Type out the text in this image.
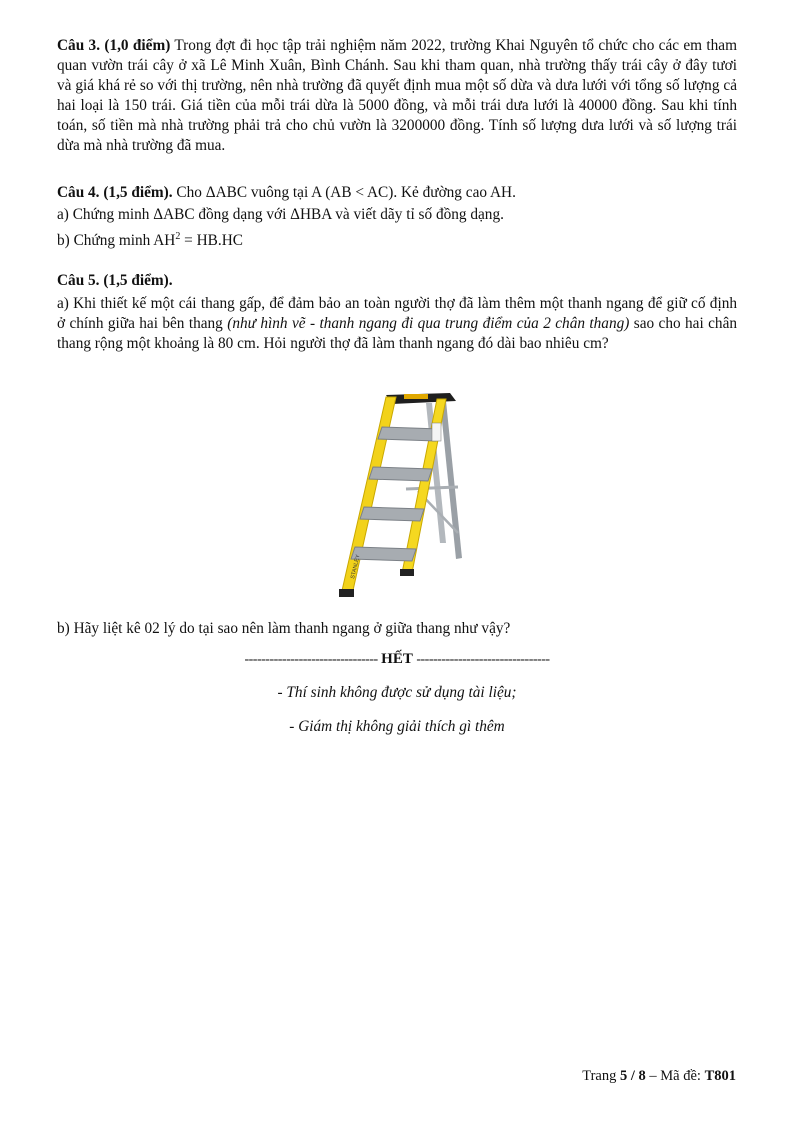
Câu 3. (1,0 điểm) Trong đợt đi học tập trải nghiệm năm 2022, trường Khai Nguyên tổ chức cho các em tham quan vườn trái cây ở xã Lê Minh Xuân, Bình Chánh. Sau khi tham quan, nhà trường thấy trái cây ở đây tươi và giá khá rẻ so với thị trường, nên nhà trường đã quyết định mua một số dừa và dưa lưới với tổng số lượng cả hai loại là 150 trái. Giá tiền của mỗi trái dừa là 5000 đồng, và mỗi trái dưa lưới là 40000 đồng. Sau khi tính toán, số tiền mà nhà trường phải trả cho chủ vườn là 3200000 đồng. Tính số lượng dưa lưới và số lượng trái dừa mà nhà trường đã mua.

Câu 4. (1,5 điểm). Cho ΔABC vuông tại A (AB < AC). Kẻ đường cao AH.

a) Chứng minh ΔABC đồng dạng với ΔHBA và viết dãy tỉ số đồng dạng.

b) Chứng minh $AH^2 = HB.HC$

Câu 5. (1,5 điểm).

a) Khi thiết kế một cái thang gấp, để đảm bảo an toàn người thợ đã làm thêm một thanh ngang để giữ cố định ở chính giữa hai bên thang (như hình vẽ - thanh ngang đi qua trung điểm của 2 chân thang) sao cho hai chân thang rộng một khoảng là 80 cm. Hỏi người thợ đã làm thanh ngang đó dài bao nhiêu cm?

STANLEY

b) Hãy liệt kê 02 lý do tại sao nên làm thanh ngang ở giữa thang như vậy?

-------------------------------- HẾT --------------------------------
- Thí sinh không được sử dụng tài liệu;
- Giám thị không giải thích gì thêm
Trang 5 / 8 – Mã đề: T801
